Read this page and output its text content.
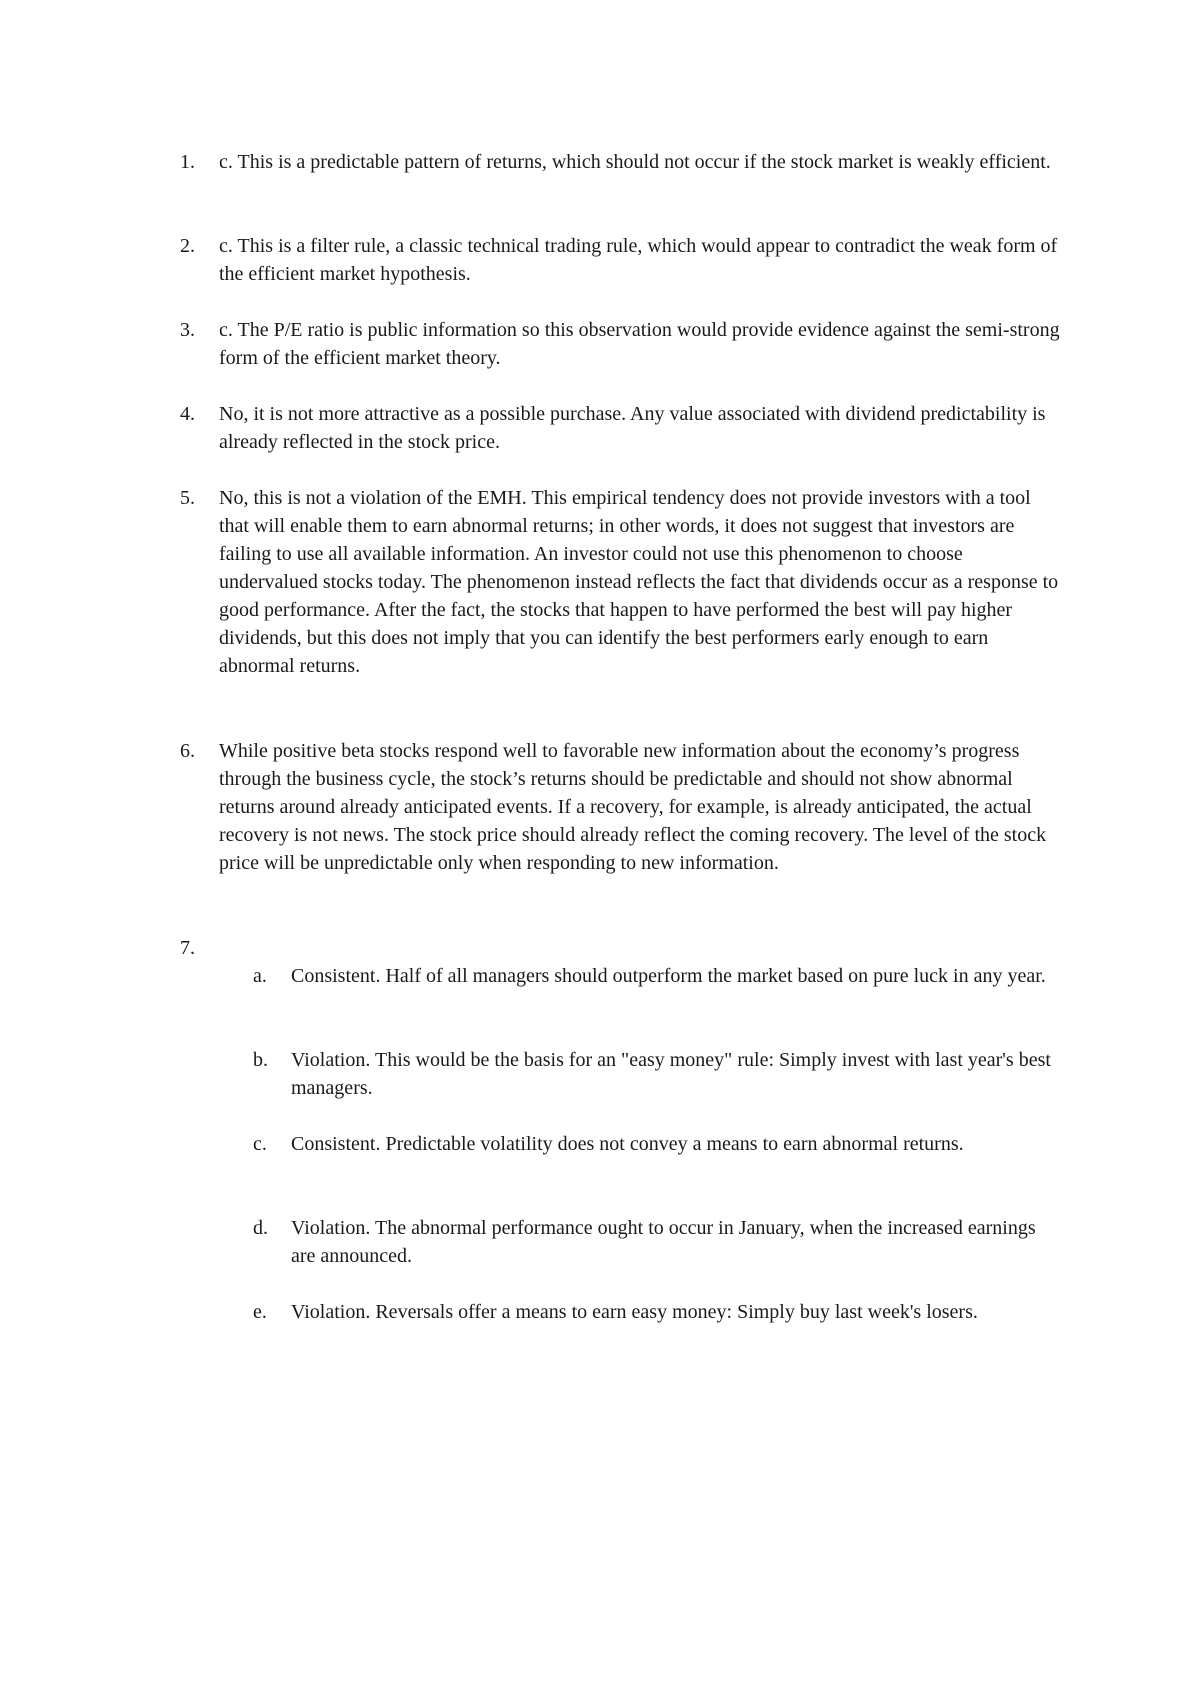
1.	c. This is a predictable pattern of returns, which should not occur if the stock market is weakly efficient.
2.	c. This is a filter rule, a classic technical trading rule, which would appear to contradict the weak form of the efficient market hypothesis.
3.	c. The P/E ratio is public information so this observation would provide evidence against the semi-strong form of the efficient market theory.
4.	No, it is not more attractive as a possible purchase. Any value associated with dividend predictability is already reflected in the stock price.
5.	No, this is not a violation of the EMH. This empirical tendency does not provide investors with a tool that will enable them to earn abnormal returns; in other words, it does not suggest that investors are failing to use all available information. An investor could not use this phenomenon to choose undervalued stocks today. The phenomenon instead reflects the fact that dividends occur as a response to good performance. After the fact, the stocks that happen to have performed the best will pay higher dividends, but this does not imply that you can identify the best performers early enough to earn abnormal returns.
6.	While positive beta stocks respond well to favorable new information about the economy’s progress through the business cycle, the stock’s returns should be predictable and should not show abnormal returns around already anticipated events. If a recovery, for example, is already anticipated, the actual recovery is not news. The stock price should already reflect the coming recovery. The level of the stock price will be unpredictable only when responding to new information.
7.
a.	Consistent. Half of all managers should outperform the market based on pure luck in any year.
b.	Violation. This would be the basis for an "easy money" rule: Simply invest with last year's best managers.
c.	Consistent. Predictable volatility does not convey a means to earn abnormal returns.
d.	Violation. The abnormal performance ought to occur in January, when the increased earnings are announced.
e.	Violation. Reversals offer a means to earn easy money: Simply buy last week's losers.
